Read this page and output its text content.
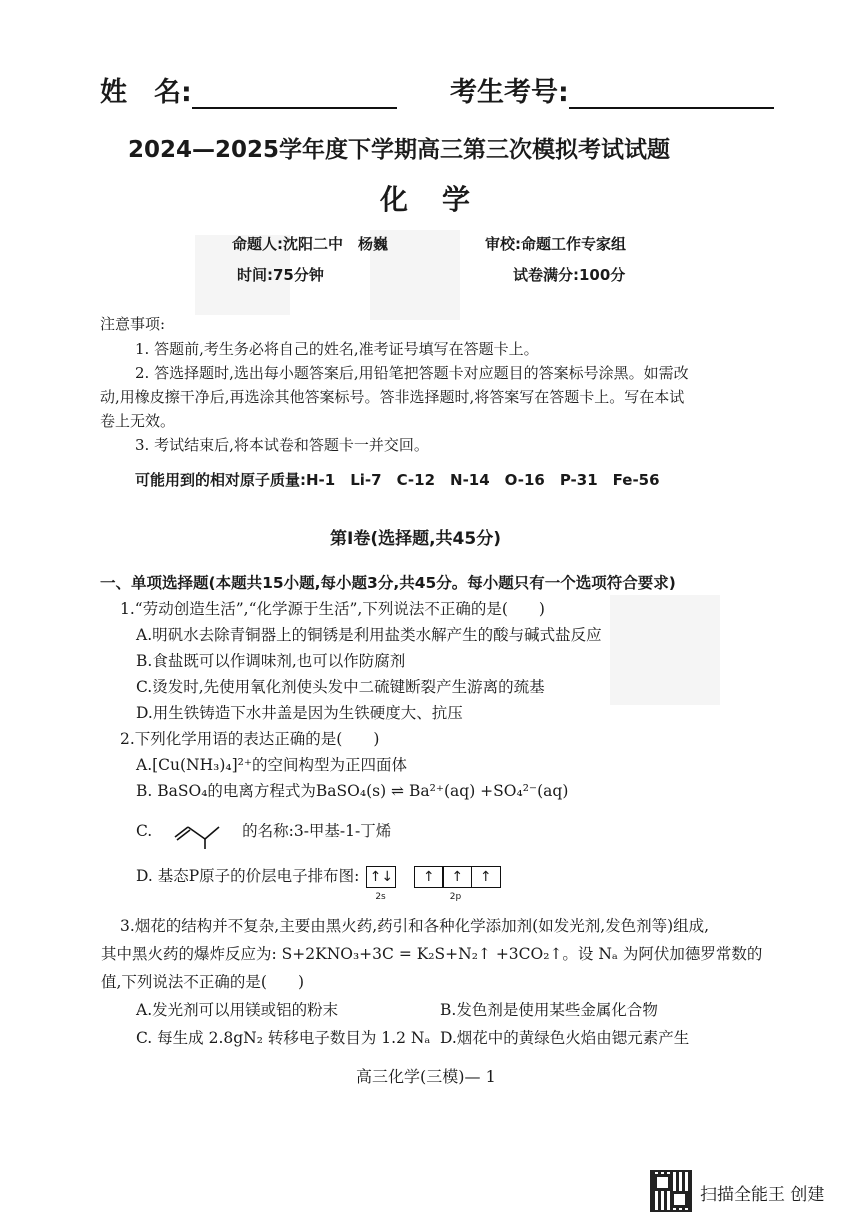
姓　名:	考生考号:
2024—2025学年度下学期高三第三次模拟考试试题
化学
命题人:沈阳二中　杨巍	审校:命题工作专家组
时间:75分钟	试卷满分:100分
注意事项:
1. 答题前,考生务必将自己的姓名,准考证号填写在答题卡上。
2. 答选择题时,选出每小题答案后,用铅笔把答题卡对应题目的答案标号涂黑。如需改
动,用橡皮擦干净后,再选涂其他答案标号。答非选择题时,将答案写在答题卡上。写在本试
卷上无效。
3. 考试结束后,将本试卷和答题卡一并交回。
可能用到的相对原子质量:H-1　Li-7　C-12　N-14　O-16　P-31　Fe-56
第Ⅰ卷(选择题,共45分)
一、单项选择题(本题共15小题,每小题3分,共45分。每小题只有一个选项符合要求)
1.“劳动创造生活”,“化学源于生活”,下列说法不正确的是(　　)
A.明矾水去除青铜器上的铜锈是利用盐类水解产生的酸与碱式盐反应
B.食盐既可以作调味剂,也可以作防腐剂
C.烫发时,先使用氧化剂使头发中二硫键断裂产生游离的巯基
D.用生铁铸造下水井盖是因为生铁硬度大、抗压
2.下列化学用语的表达正确的是(　　)
A.[Cu(NH₃)₄]²⁺的空间构型为正四面体
B. BaSO₄的电离方程式为BaSO₄(s) ⇌ Ba²⁺(aq) +SO₄²⁻(aq)
C.	的名称:3-甲基-1-丁烯
D. 基态P原子的价层电子排布图: ↑↓
2s
↑ ↑ ↑
2p
3.烟花的结构并不复杂,主要由黑火药,药引和各种化学添加剂(如发光剂,发色剂等)组成,
其中黑火药的爆炸反应为: S+2KNO₃+3C = K₂S+N₂↑ +3CO₂↑。设 Nₐ 为阿伏加德罗常数的
值,下列说法不正确的是(　　)
A.发光剂可以用镁或铝的粉末	B.发色剂是使用某些金属化合物
C. 每生成 2.8gN₂ 转移电子数目为 1.2 Nₐ D.烟花中的黄绿色火焰由锶元素产生
高三化学(三模)— 1
扫描全能王 创建
